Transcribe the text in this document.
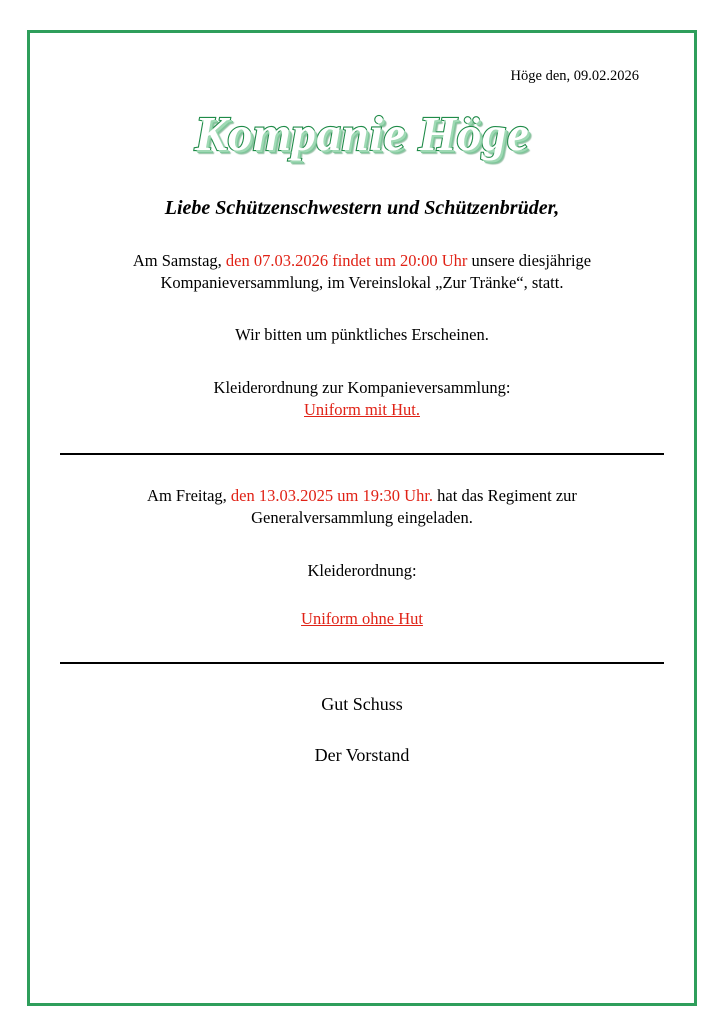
Höge den, 09.02.2026
Kompanie Höge
Liebe Schützenschwestern und Schützenbrüder,
Am Samstag, den 07.03.2026 findet um 20:00 Uhr unsere diesjährige
Kompanieversammlung, im Vereinslokal „Zur Tränke“, statt.
Wir bitten um pünktliches Erscheinen.
Kleiderordnung zur Kompanieversammlung:
Uniform mit Hut.
Am Freitag, den 13.03.2025 um 19:30 Uhr. hat das Regiment zur
Generalversammlung eingeladen.
Kleiderordnung:
Uniform ohne Hut
Gut Schuss
Der Vorstand
